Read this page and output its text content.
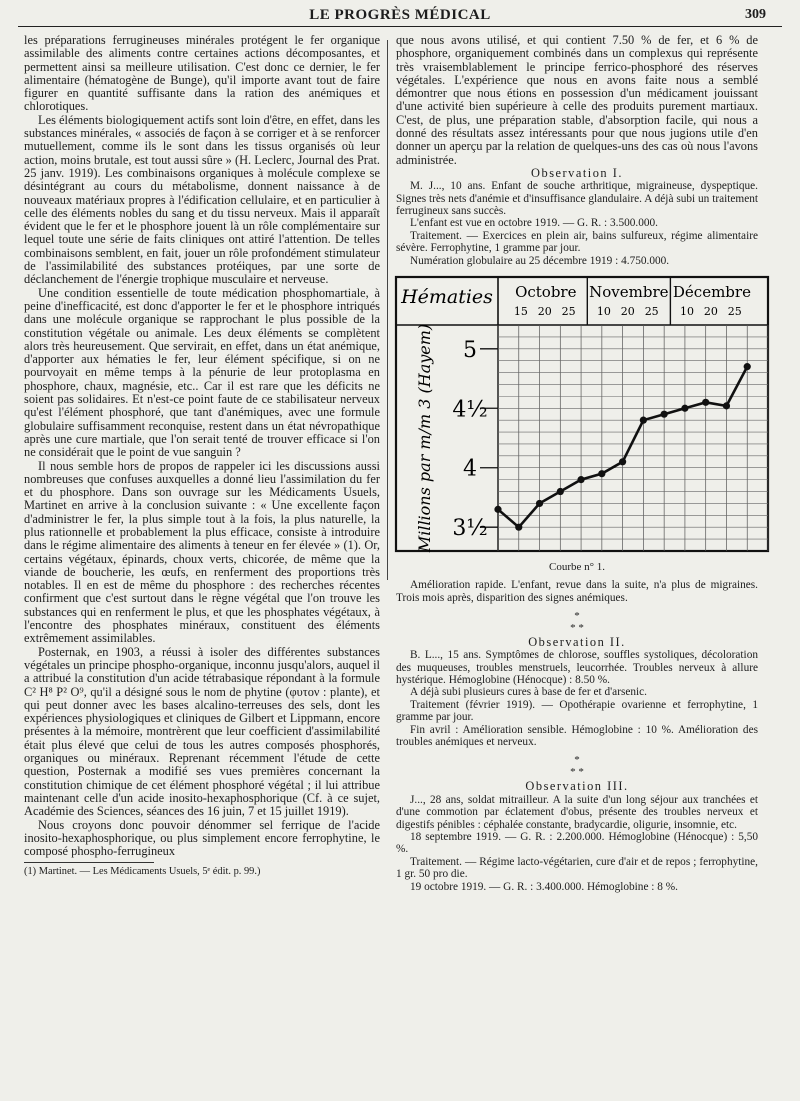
LE PROGRÈS MÉDICAL	309

les préparations ferrugineuses minérales protégent le fer organique assimilable des aliments contre certaines actions décomposantes, et permettent ainsi sa meilleure utilisation. C'est donc ce dernier, le fer alimentaire (hématogène de Bunge), qu'il importe avant tout de faire figurer en quantité suffisante dans la ration des anémiques et chlorotiques.

Les éléments biologiquement actifs sont loin d'être, en effet, dans les substances minérales, « associés de façon à se corriger et à se renforcer mutuellement, comme ils le sont dans les tissus organisés où leur action, moins brutale, est tout aussi sûre » (H. Leclerc, Journal des Prat. 25 janv. 1919). Les combinaisons organiques à molécule complexe se désintégrant au cours du métabolisme, donnent naissance à de nouveaux matériaux propres à l'édification cellulaire, et en particulier à celle des éléments nobles du sang et du tissu nerveux. Mais il apparaît évident que le fer et le phosphore jouent là un rôle complémentaire sur lequel toute une série de faits cliniques ont attiré l'attention. De telles combinaisons semblent, en fait, jouer un rôle profondément stimulateur de l'assimilabilité des substances protéiques, par une sorte de déclanchement de l'énergie trophique musculaire et nerveuse.

Une condition essentielle de toute médication phosphomartiale, à peine d'inefficacité, est donc d'apporter le fer et le phosphore intriqués dans une molécule organique se rapprochant le plus possible de la constitution végétale ou animale. Les deux éléments se complètent alors très heureusement. Que servirait, en effet, dans un état anémique, d'apporter aux hématies le fer, leur élément spécifique, si on ne pourvoyait en même temps à la pénurie de leur protoplasma en phosphore, chaux, magnésie, etc.. Car il est rare que les déficits ne soient pas solidaires. Et n'est-ce point faute de ce stabilisateur nerveux qu'est l'élément phosphoré, que tant d'anémiques, avec une formule globulaire suffisamment reconquise, restent dans un état névropathique après une cure martiale, que l'on serait tenté de trouver efficace si l'on ne considérait que le point de vue sanguin ?

Il nous semble hors de propos de rappeler ici les discussions aussi nombreuses que confuses auxquelles a donné lieu l'assimilation du fer et du phosphore. Dans son ouvrage sur les Médicaments Usuels, Martinet en arrive à la conclusion suivante : « Une excellente façon d'administrer le fer, la plus simple tout à la fois, la plus naturelle, la plus rationnelle et probablement la plus efficace, consiste à introduire dans le régime alimentaire des aliments à teneur en fer élevée » (1). Or, certains végétaux, épinards, choux verts, chicorée, de même que la viande de boucherie, les œufs, en renferment des proportions très notables. Il en est de même du phosphore : des recherches récentes confirment que c'est surtout dans le règne végétal que l'on trouve les substances qui en renferment le plus, et que les phosphates végétaux, à l'encontre des phosphates minéraux, constituent des éléments extrêmement assimilables.

Posternak, en 1903, a réussi à isoler des différentes substances végétales un principe phospho-organique, inconnu jusqu'alors, auquel il a attribué la constitution d'un acide tétrabasique répondant à la formule C² H⁸ P² O⁹, qu'il a désigné sous le nom de phytine (φυτον : plante), et qui peut donner avec les bases alcalino-terreuses des sels, dont les expériences physiologiques et cliniques de Gilbert et Lippmann, encore présentes à la mémoire, montrèrent que leur coefficient d'assimilabilité était plus élevé que celui de tous les autres composés phosphorés, organiques ou minéraux. Reprenant récemment l'étude de cette question, Posternak a modifié ses vues premières concernant la constitution chimique de cet élément phosphoré végétal ; il lui attribue maintenant celle d'un acide inosito-hexaphosphorique (Cf. à ce sujet, Académie des Sciences, séances des 16 juin, 7 et 15 juillet 1919).

Nous croyons donc pouvoir dénommer sel ferrique de l'acide inosito-hexaphosphorique, ou plus simplement encore ferrophytine, le composé phospho-ferrugineux

(1) Martinet. — Les Médicaments Usuels, 5ᵉ édit. p. 99.)

que nous avons utilisé, et qui contient 7.50 % de fer, et 6 % de phosphore, organiquement combinés dans un complexus qui représente très vraisemblablement le principe ferrico-phosphoré des réserves végétales. L'expérience que nous en avons faite nous a semblé démontrer que nous étions en possession d'un médicament jouissant d'une activité bien supérieure à celle des produits purement martiaux. C'est, de plus, une préparation stable, d'absorption facile, qui nous a donné des résultats assez intéressants pour que nous jugions utile d'en donner un aperçu par la relation de quelques-uns des cas où nous l'avons administrée.

Observation I.

M. J..., 10 ans. Enfant de souche arthritique, migraineuse, dyspeptique. Signes très nets d'anémie et d'insuffisance glandulaire. A déjà subi un traitement ferrugineux sans succès.

L'enfant est vue en octobre 1919. — G. R. : 3.500.000.

Traitement. — Exercices en plein air, bains sulfureux, régime alimentaire sévère. Ferrophytine, 1 gramme par jour.

Numération globulaire au 25 décembre 1919 : 4.750.000.

Hématies Octobre
15 20 25
Novembre
10 20 25
Décembre
10 20 25
5
4½
4
3½
Millions par m/m 3 (Hayem)
Courbe n° 1.

Amélioration rapide. L'enfant, revue dans la suite, n'a plus de migraines. Trois mois après, disparition des signes anémiques.

*
* *

Observation II.

B. L..., 15 ans. Symptômes de chlorose, souffles systoliques, décoloration des muqueuses, troubles menstruels, leucorrhée. Troubles nerveux à allure hystérique. Hémoglobine (Hénocque) : 8.50 %.

A déjà subi plusieurs cures à base de fer et d'arsenic.

Traitement (février 1919). — Opothérapie ovarienne et ferrophytine, 1 gramme par jour.

Fin avril : Amélioration sensible. Hémoglobine : 10 %. Amélioration des troubles anémiques et nerveux.

*
* *

Observation III.

J..., 28 ans, soldat mitrailleur. A la suite d'un long séjour aux tranchées et d'une commotion par éclatement d'obus, présente des troubles nerveux et digestifs pénibles : céphalée constante, bradycardie, oligurie, insomnie, etc.

18 septembre 1919. — G. R. : 2.200.000. Hémoglobine (Hénocque) : 5,50 %.

Traitement. — Régime lacto-végétarien, cure d'air et de repos ; ferrophytine, 1 gr. 50 pro die.

19 octobre 1919. — G. R. : 3.400.000. Hémoglobine : 8 %.
